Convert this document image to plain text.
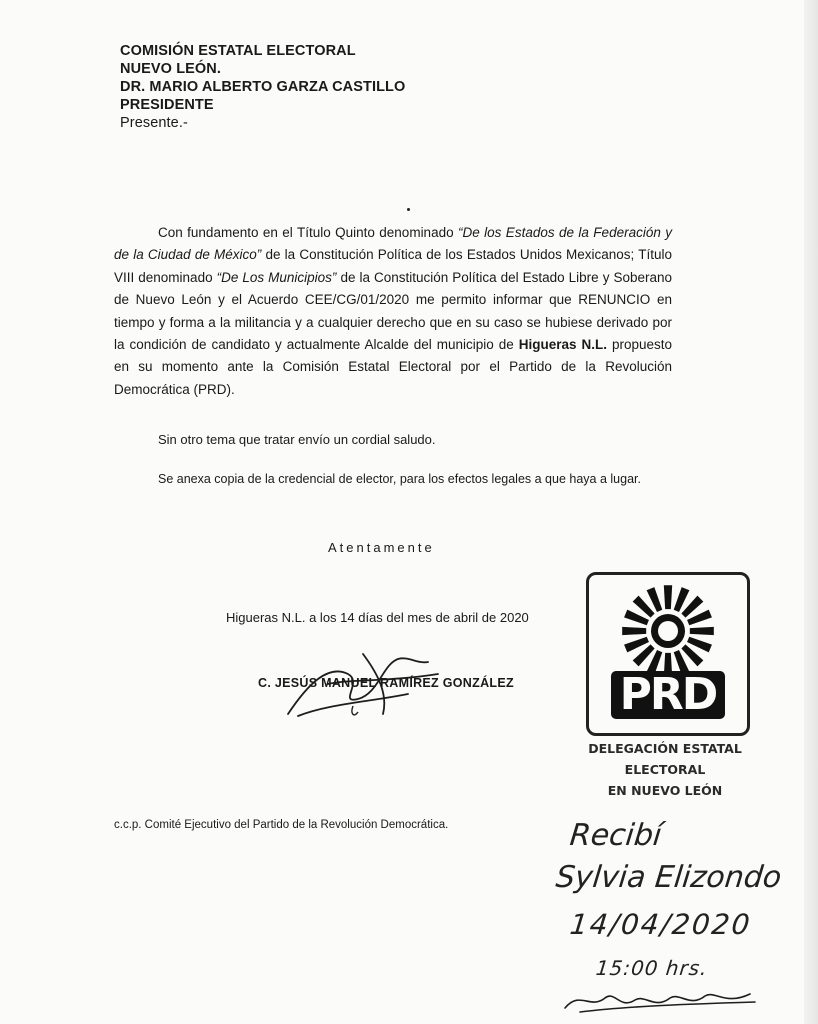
COMISIÓN ESTATAL ELECTORAL
NUEVO LEÓN.
DR. MARIO ALBERTO GARZA CASTILLO
PRESIDENTE
Presente.-
Con fundamento en el Título Quinto denominado “De los Estados de la Federación y de la Ciudad de México” de la Constitución Política de los Estados Unidos Mexicanos; Título VIII denominado “De Los Municipios” de la Constitución Política del Estado Libre y Soberano de Nuevo León y el Acuerdo CEE/CG/01/2020 me permito informar que RENUNCIO en tiempo y forma a la militancia y a cualquier derecho que en su caso se hubiese derivado por la condición de candidato y actualmente Alcalde del municipio de Higueras N.L. propuesto en su momento ante la Comisión Estatal Electoral por el Partido de la Revolución Democrática (PRD).
Sin otro tema que tratar envío un cordial saludo.
Se anexa copia de la credencial de elector, para los efectos legales a que haya a lugar.
Atentamente
Higueras N.L. a los 14 días del mes de abril de 2020
C. JESÚS MANUEL RAMÍREZ GONZÁLEZ PRD
DELEGACIÓN ESTATAL
ELECTORAL
EN NUEVO LEÓN
c.c.p. Comité Ejecutivo del Partido de la Revolución Democrática.	Recibí
Sylvia Elizondo
14/04/2020
15:00 hrs.
